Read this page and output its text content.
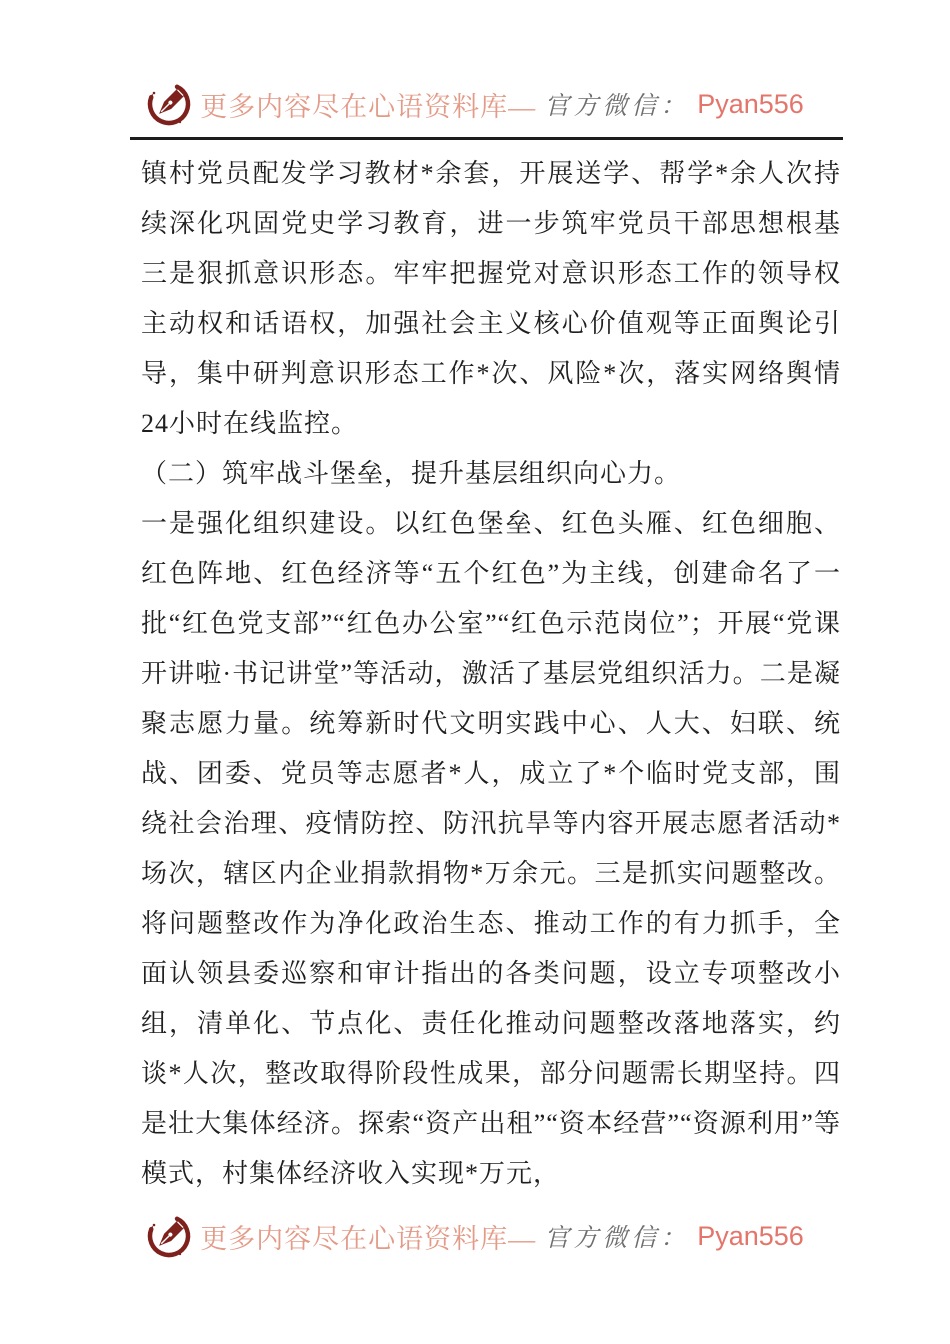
更多内容尽在心语资料库— 官方微信： Pyan556

镇村党员配发学习教材*余套，开展送学、帮学*余人次持续深化巩固党史学习教育，进一步筑牢党员干部思想根基三是狠抓意识形态。牢牢把握党对意识形态工作的领导权主动权和话语权，加强社会主义核心价值观等正面舆论引导，集中研判意识形态工作*次、风险*次，落实网络舆情24小时在线监控。

（二）筑牢战斗堡垒，提升基层组织向心力。

一是强化组织建设。以红色堡垒、红色头雁、红色细胞、红色阵地、红色经济等“五个红色”为主线，创建命名了一批“红色党支部”“红色办公室”“红色示范岗位”；开展“党课开讲啦·书记讲堂”等活动，激活了基层党组织活力。二是凝聚志愿力量。统筹新时代文明实践中心、人大、妇联、统战、团委、党员等志愿者*人，成立了*个临时党支部，围绕社会治理、疫情防控、防汛抗旱等内容开展志愿者活动*场次，辖区内企业捐款捐物*万余元。三是抓实问题整改。将问题整改作为净化政治生态、推动工作的有力抓手，全面认领县委巡察和审计指出的各类问题，设立专项整改小组，清单化、节点化、责任化推动问题整改落地落实，约谈*人次，整改取得阶段性成果，部分问题需长期坚持。四是壮大集体经济。探索“资产出租”“资本经营”“资源利用”等模式，村集体经济收入实现*万元，

更多内容尽在心语资料库— 官方微信： Pyan556
